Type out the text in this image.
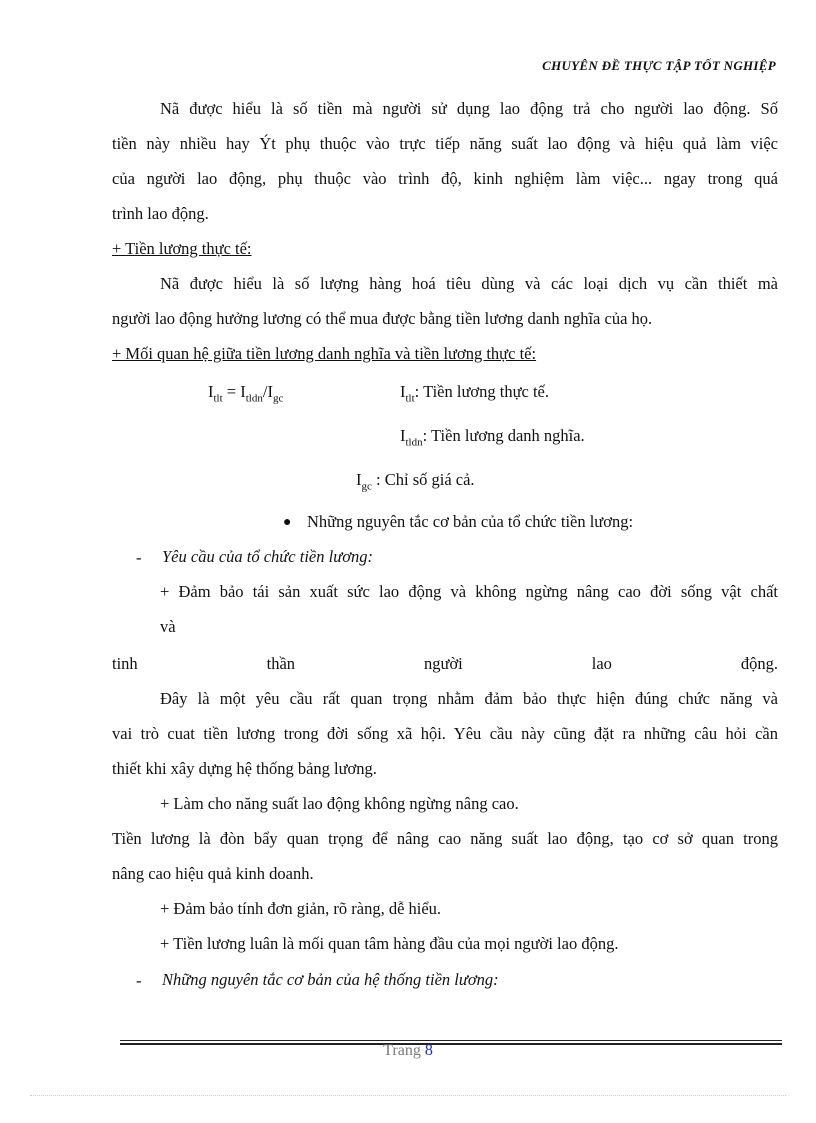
CHUYÊN ĐỀ THỰC TẬP TỐT NGHIỆP
Nã được hiểu là số tiền mà người sử dụng lao động trả cho người lao động. Số
tiền này nhiều hay Ýt phụ thuộc vào trực tiếp năng suất lao động và hiệu quả làm việc
của người lao động, phụ thuộc vào trình độ, kinh nghiệm làm việc... ngay trong quá
trình lao động.
+ Tiền lương thực tế:
Nã được hiểu là số lượng hàng hoá tiêu dùng và các loại dịch vụ cần thiết mà
người lao động hưởng lương có thể mua được bằng tiền lương danh nghĩa của họ.
+ Mối quan hệ giữa tiền lương danh nghĩa và tiền lương thực tế:
$I_{tlt} = I_{tldn}/I_{gc}$	$I_{tlt}$: Tiền lương thực tế.
$I_{tldn}$: Tiền lương danh nghĩa.
$I_{gc}$ : Chỉ số giá cả.
● Những nguyên tắc cơ bản của tổ chức tiền lương:
- Yêu cầu của tổ chức tiền lương:
+ Đảm bảo tái sản xuất sức lao động và không ngừng nâng cao đời sống vật chất
và
tinh thần người lao động.
Đây là một yêu cầu rất quan trọng nhằm đảm bảo thực hiện đúng chức năng và
vai trò cuat tiền lương trong đời sống xã hội. Yêu cầu này cũng đặt ra những câu hỏi cần
thiết khi xây dựng hệ thống bảng lương.
+ Làm cho năng suất lao động không ngừng nâng cao.
Tiền lương là đòn bẩy quan trọng để nâng cao năng suất lao động, tạo cơ sở quan trong
nâng cao hiệu quả kinh doanh.
+ Đảm bảo tính đơn giản, rõ ràng, dễ hiểu.
+ Tiền lương luân là mối quan tâm hàng đầu của mọi người lao động.
- Những nguyên tắc cơ bản của hệ thống tiền lương:
Trang 8
